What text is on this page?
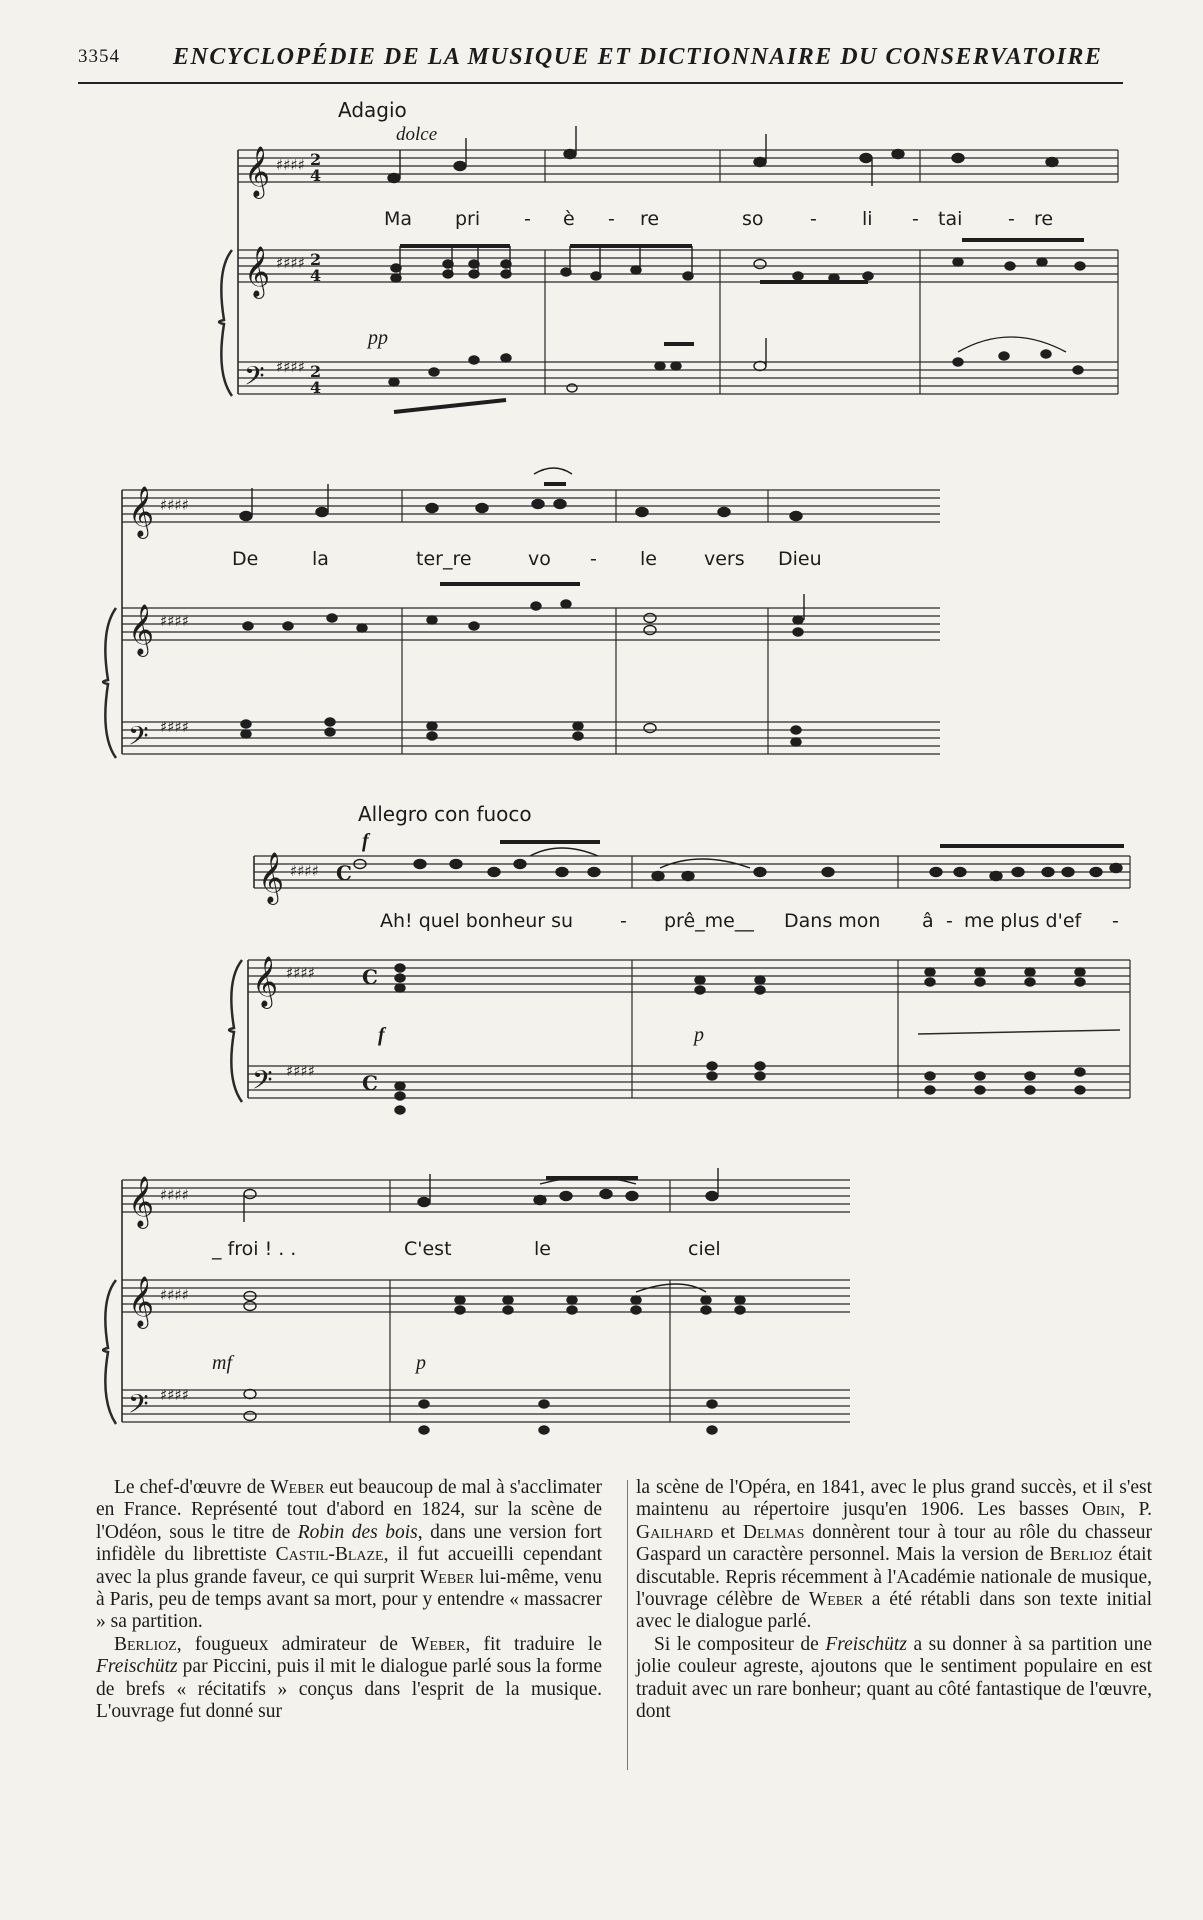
3354 ENCYCLOPÉDIE DE LA MUSIQUE ET DICTIONNAIRE DU CONSERVATOIRE
Adagio
dolce
pp
𝄞
𝄞
𝄢
♯♯♯♯
♯♯♯♯
♯♯♯♯
2
4
2
4
2
4
Ma pri - è - re	so - li - tai - re
𝄞
𝄞
𝄢
♯♯♯♯
♯♯♯♯
♯♯♯♯
De	la	ter_re	vo - le vers Dieu
Allegro con fuoco
f
f	p
𝄞
𝄞
𝄢
♯♯♯♯
♯♯♯♯
♯♯♯♯
C
C
C
Ah! quel bonheur su - prê_me__ Dans mon â - me plus d'ef -
mf	p
𝄞
𝄞
𝄢
♯♯♯♯
♯♯♯♯
♯♯♯♯
_ froi ! . .	C'est	le	ciel

Le chef-d'œuvre de Weber eut beaucoup de mal à s'acclimater en France. Représenté tout d'abord en 1824, sur la scène de l'Odéon, sous le titre de Robin des bois, dans une version fort infidèle du librettiste Castil-Blaze, il fut accueilli cependant avec la plus grande faveur, ce qui surprit Weber lui-même, venu à Paris, peu de temps avant sa mort, pour y entendre « massacrer » sa partition.

Berlioz, fougueux admirateur de Weber, fit traduire le Freischütz par Piccini, puis il mit le dialogue parlé sous la forme de brefs « récitatifs » conçus dans l'esprit de la musique. L'ouvrage fut donné sur

la scène de l'Opéra, en 1841, avec le plus grand succès, et il s'est maintenu au répertoire jusqu'en 1906. Les basses Obin, P. Gailhard et Delmas donnèrent tour à tour au rôle du chasseur Gaspard un caractère personnel. Mais la version de Berlioz était discutable. Repris récemment à l'Académie nationale de musique, l'ouvrage célèbre de Weber a été rétabli dans son texte initial avec le dialogue parlé.

Si le compositeur de Freischütz a su donner à sa partition une jolie couleur agreste, ajoutons que le sentiment populaire en est traduit avec un rare bonheur; quant au côté fantastique de l'œuvre, dont
